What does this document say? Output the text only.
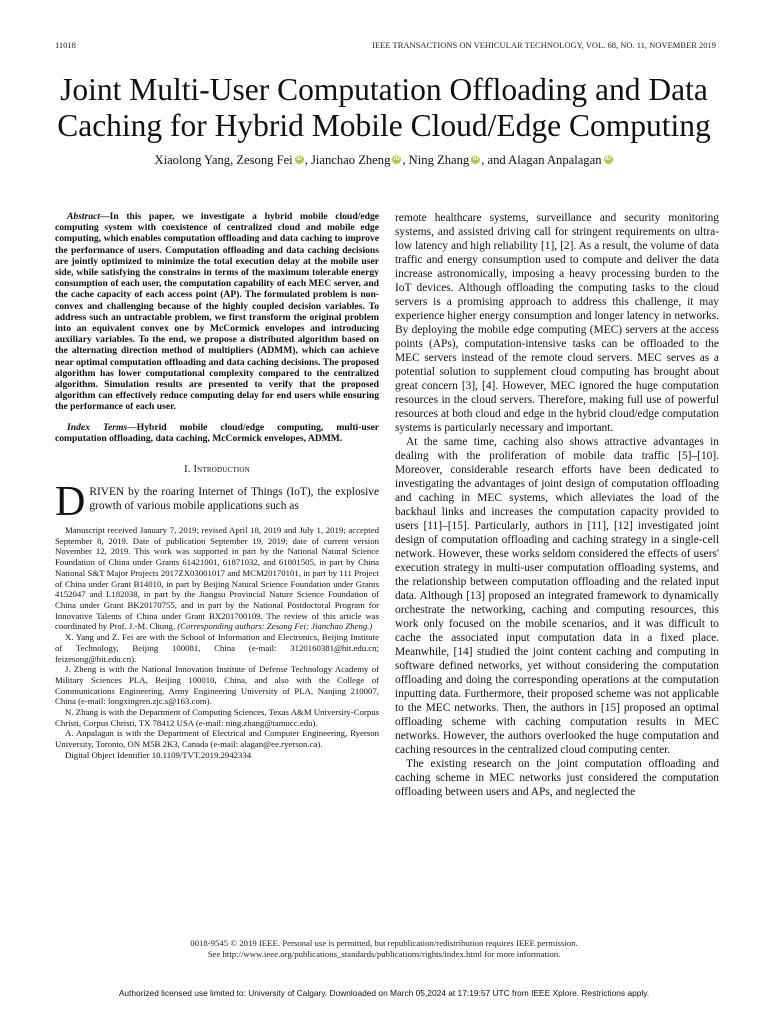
11018	IEEE TRANSACTIONS ON VEHICULAR TECHNOLOGY, VOL. 68, NO. 11, NOVEMBER 2019
Joint Multi-User Computation Offloading and Data
Caching for Hybrid Mobile Cloud/Edge Computing
Xiaolong Yang, Zesong Fei iD , Jianchao Zheng iD , Ning Zhang iD , and Alagan Anpalagan iD

Abstract—In this paper, we investigate a hybrid mobile cloud/edge computing system with coexistence of centralized cloud and mobile edge computing, which enables computation offloading and data caching to improve the performance of users. Computation offloading and data caching decisions are jointly optimized to minimize the total execution delay at the mobile user side, while satisfying the constrains in terms of the maximum tolerable energy consumption of each user, the computation capability of each MEC server, and the cache capacity of each access point (AP). The formulated problem is non-convex and challenging because of the highly coupled decision variables. To address such an untractable problem, we first transform the original problem into an equivalent convex one by McCormick envelopes and introducing auxiliary variables. To the end, we propose a distributed algorithm based on the alternating direction method of multipliers (ADMM), which can achieve near optimal computation offloading and data caching decisions. The proposed algorithm has lower computational complexity compared to the centralized algorithm. Simulation results are presented to verify that the proposed algorithm can effectively reduce computing delay for end users while ensuring the performance of each user.

Index Terms—Hybrid mobile cloud/edge computing, multi-user computation offloading, data caching, McCormick envelopes, ADMM.

I. Introduction

DRIVEN by the roaring Internet of Things (IoT), the explosive growth of various mobile applications such as

Manuscript received January 7, 2019; revised April 18, 2019 and July 1, 2019; accepted September 8, 2019. Date of publication September 19, 2019; date of current version November 12, 2019. This work was supported in part by the National Natural Science Foundation of China under Grants 61421001, 61871032, and 61801505, in part by China National S&T Major Projects 2017ZX03001017 and MCM20170101, in part by 111 Project of China under Grant B14010, in part by Beijing Natural Science Foundation under Grants 4152047 and L182038, in part by the Jiangsu Provincial Nature Science Foundation of China under Grant BK20170755, and in part by the National Postdoctoral Program for Innovative Talents of China under Grant BX201700109. The review of this article was coordinated by Prof. J.-M. Chung. (Corresponding authors: Zesong Fei; Jianchao Zheng.)

X. Yang and Z. Fei are with the School of Information and Electronics, Beijing Institute of Technology, Beijing 100081, China (e-mail: 3120160381@bit.edu.cn; feizesong@bit.edu.cn).

J. Zheng is with the National Innovation Institute of Defense Technology Academy of Military Sciences PLA, Beijing 100010, China, and also with the College of Communications Engineering, Army Engineering University of PLA, Nanjing 210007, China (e-mail: longxingren.zjc.s@163.com).

N. Zhang is with the Department of Computing Sciences, Texas A&M University-Corpus Christi, Corpus Christi, TX 78412 USA (e-mail: ning.zhang@tamucc.edu).

A. Anpalagan is with the Department of Electrical and Computer Engineering, Ryerson University, Toronto, ON M5B 2K3, Canada (e-mail: alagan@ee.ryerson.ca).

Digital Object Identifier 10.1109/TVT.2019.2942334

remote healthcare systems, surveillance and security monitoring systems, and assisted driving call for stringent requirements on ultra-low latency and high reliability [1], [2]. As a result, the volume of data traffic and energy consumption used to compute and deliver the data increase astronomically, imposing a heavy processing burden to the IoT devices. Although offloading the computing tasks to the cloud servers is a promising approach to address this challenge, it may experience higher energy consumption and longer latency in networks. By deploying the mobile edge computing (MEC) servers at the access points (APs), computation-intensive tasks can be offloaded to the MEC servers instead of the remote cloud servers. MEC serves as a potential solution to supplement cloud computing has brought about great concern [3], [4]. However, MEC ignored the huge computation resources in the cloud servers. Therefore, making full use of powerful resources at both cloud and edge in the hybrid cloud/edge computation systems is particularly necessary and important.

At the same time, caching also shows attractive advantages in dealing with the proliferation of mobile data traffic [5]–[10]. Moreover, considerable research efforts have been dedicated to investigating the advantages of joint design of computation offloading and caching in MEC systems, which alleviates the load of the backhaul links and increases the computation capacity provided to users [11]–[15]. Particularly, authors in [11], [12] investigated joint design of computation offloading and caching strategy in a single-cell network. However, these works seldom considered the effects of users' execution strategy in multi-user computation offloading systems, and the relationship between computation offloading and the related input data. Although [13] proposed an integrated framework to dynamically orchestrate the networking, caching and computing resources, this work only focused on the mobile scenarios, and it was difficult to cache the associated input computation data in a fixed place. Meanwhile, [14] studied the joint content caching and computing in software defined networks, yet without considering the computation offloading and doing the corresponding operations at the computation inputting data. Furthermore, their proposed scheme was not applicable to the MEC networks. Then, the authors in [15] proposed an optimal offloading scheme with caching computation results in MEC networks. However, the authors overlooked the huge computation and caching resources in the centralized cloud computing center.

The existing research on the joint computation offloading and caching scheme in MEC networks just considered the computation offloading between users and APs, and neglected the

0018-9545 © 2019 IEEE. Personal use is permitted, but republication/redistribution requires IEEE permission.
See http://www.ieee.org/publications_standards/publications/rights/index.html for more information.
Authorized licensed use limited to: University of Calgary. Downloaded on March 05,2024 at 17:19:57 UTC from IEEE Xplore. Restrictions apply.
